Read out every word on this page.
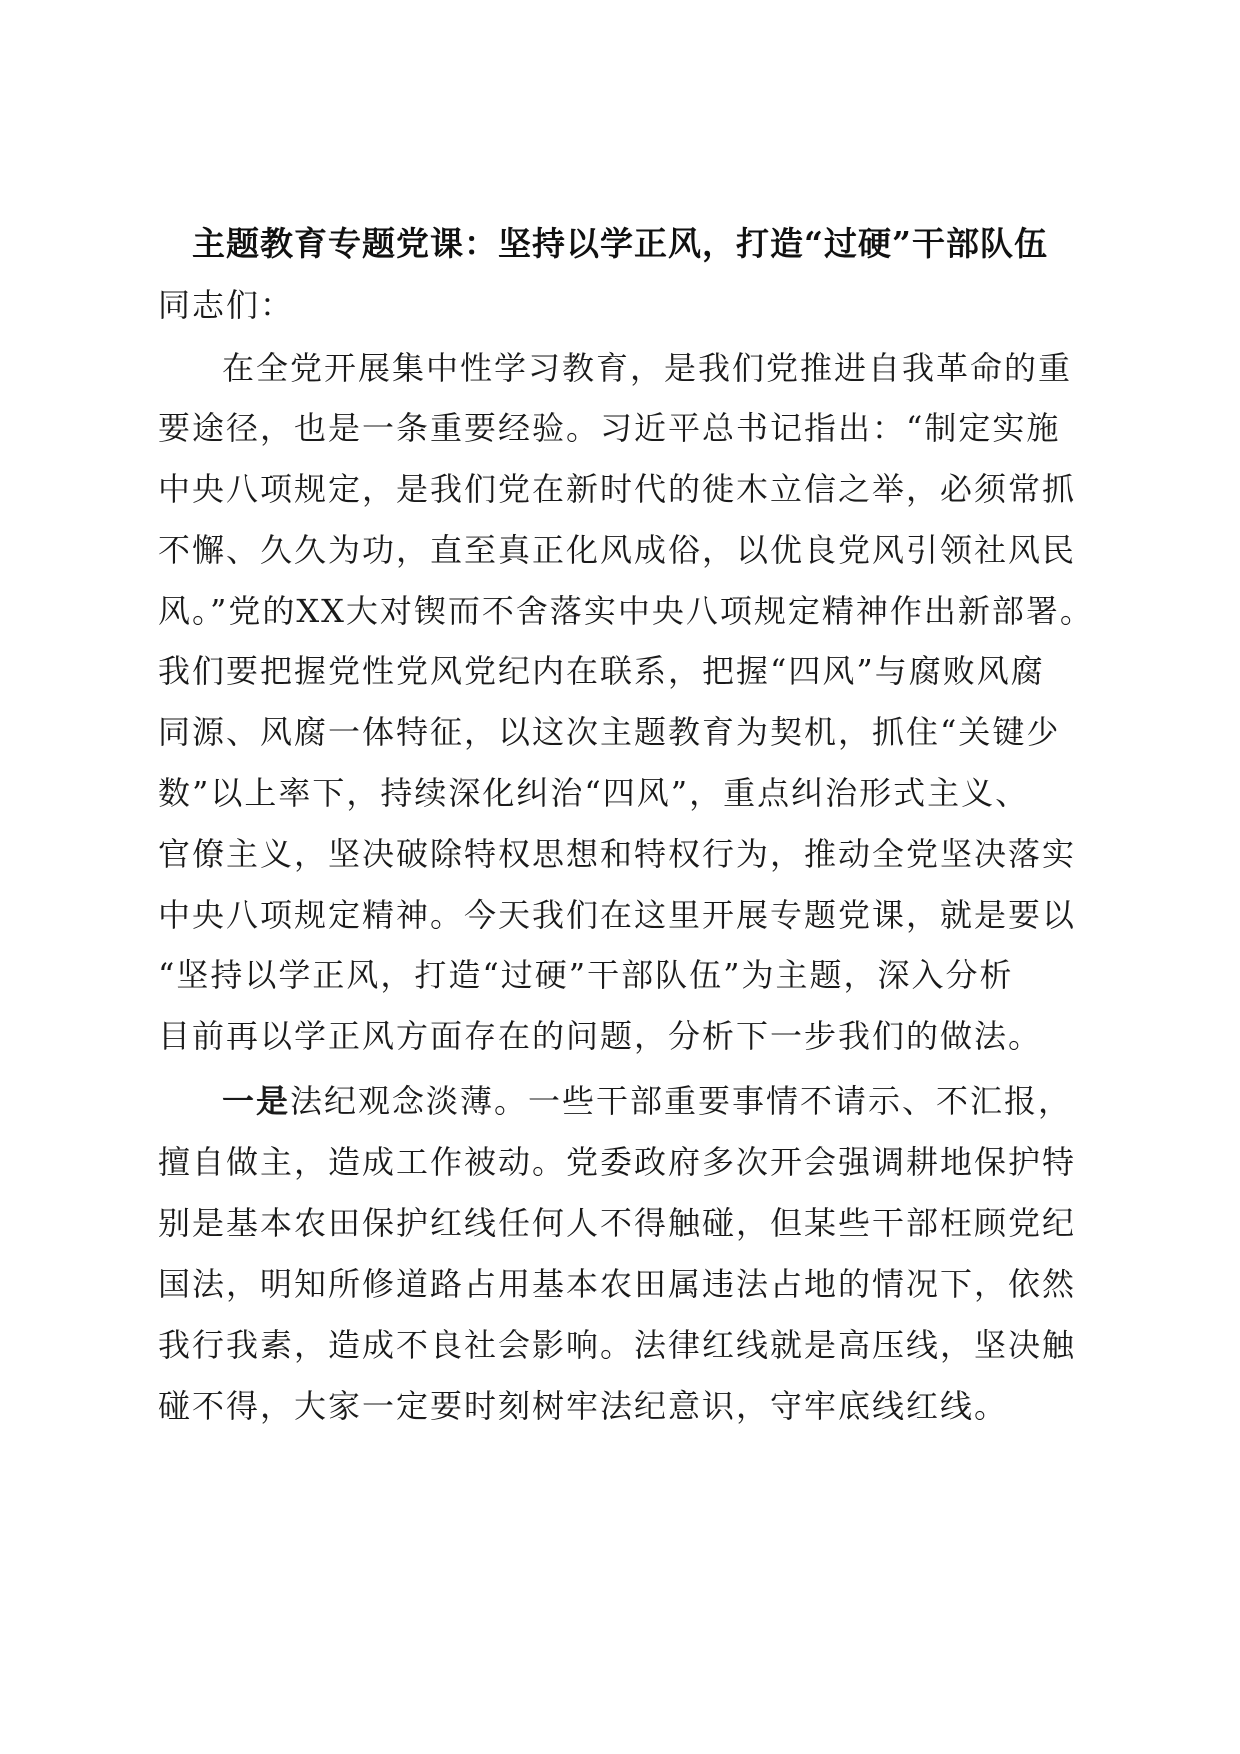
主题教育专题党课：坚持以学正风，打造“过硬”干部队伍
同志们：
在全党开展集中性学习教育，是我们党推进自我革命的重
要途径，也是一条重要经验。习近平总书记指出：“制定实施
中央八项规定，是我们党在新时代的徙木立信之举，必须常抓
不懈、久久为功，直至真正化风成俗，以优良党风引领社风民
风。”党的XX大对锲而不舍落实中央八项规定精神作出新部署。
我们要把握党性党风党纪内在联系，把握“四风”与腐败风腐
同源、风腐一体特征，以这次主题教育为契机，抓住“关键少
数”以上率下，持续深化纠治“四风”，重点纠治形式主义、
官僚主义，坚决破除特权思想和特权行为，推动全党坚决落实
中央八项规定精神。今天我们在这里开展专题党课，就是要以
“坚持以学正风，打造“过硬”干部队伍”为主题，深入分析
目前再以学正风方面存在的问题，分析下一步我们的做法。
一是法纪观念淡薄。一些干部重要事情不请示、不汇报，
擅自做主，造成工作被动。党委政府多次开会强调耕地保护特
别是基本农田保护红线任何人不得触碰，但某些干部枉顾党纪
国法，明知所修道路占用基本农田属违法占地的情况下，依然
我行我素，造成不良社会影响。法律红线就是高压线，坚决触
碰不得，大家一定要时刻树牢法纪意识，守牢底线红线。
